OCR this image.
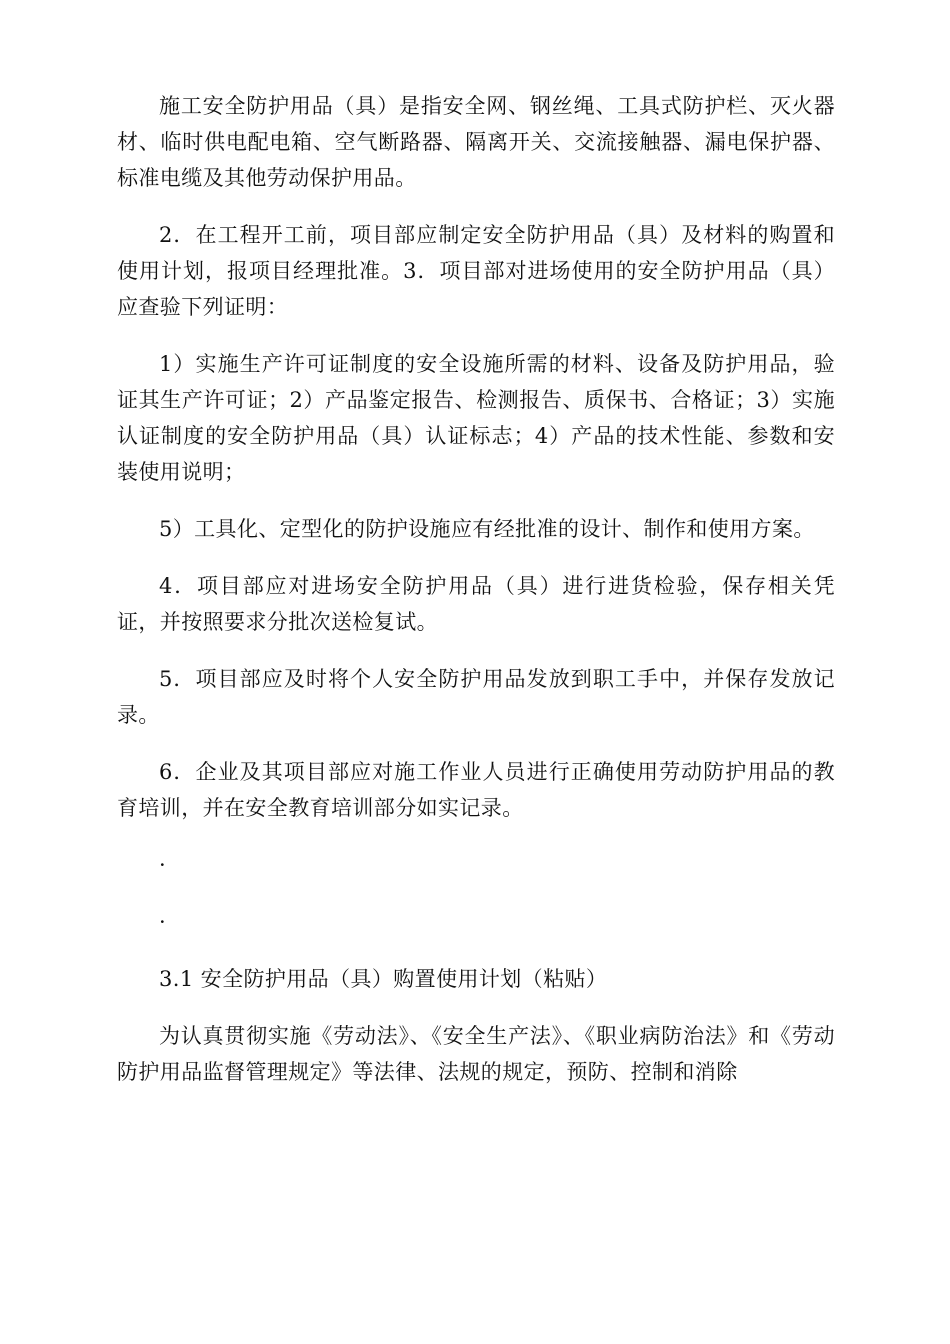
施工安全防护用品（具）是指安全网、钢丝绳、工具式防护栏、灭火器材、临时供电配电箱、空气断路器、隔离开关、交流接触器、漏电保护器、标准电缆及其他劳动保护用品。

2．在工程开工前，项目部应制定安全防护用品（具）及材料的购置和使用计划，报项目经理批准。3．项目部对进场使用的安全防护用品（具）应查验下列证明：

1）实施生产许可证制度的安全设施所需的材料、设备及防护用品，验证其生产许可证；2）产品鉴定报告、检测报告、质保书、合格证；3）实施认证制度的安全防护用品（具）认证标志；4）产品的技术性能、参数和安装使用说明；

5）工具化、定型化的防护设施应有经批准的设计、制作和使用方案。

4．项目部应对进场安全防护用品（具）进行进货检验，保存相关凭证，并按照要求分批次送检复试。

5．项目部应及时将个人安全防护用品发放到职工手中，并保存发放记录。

6．企业及其项目部应对施工作业人员进行正确使用劳动防护用品的教育培训，并在安全教育培训部分如实记录。

·
·

3.1 安全防护用品（具）购置使用计划（粘贴）

为认真贯彻实施《劳动法》、《安全生产法》、《职业病防治法》和《劳动防护用品监督管理规定》等法律、法规的规定，预防、控制和消除
